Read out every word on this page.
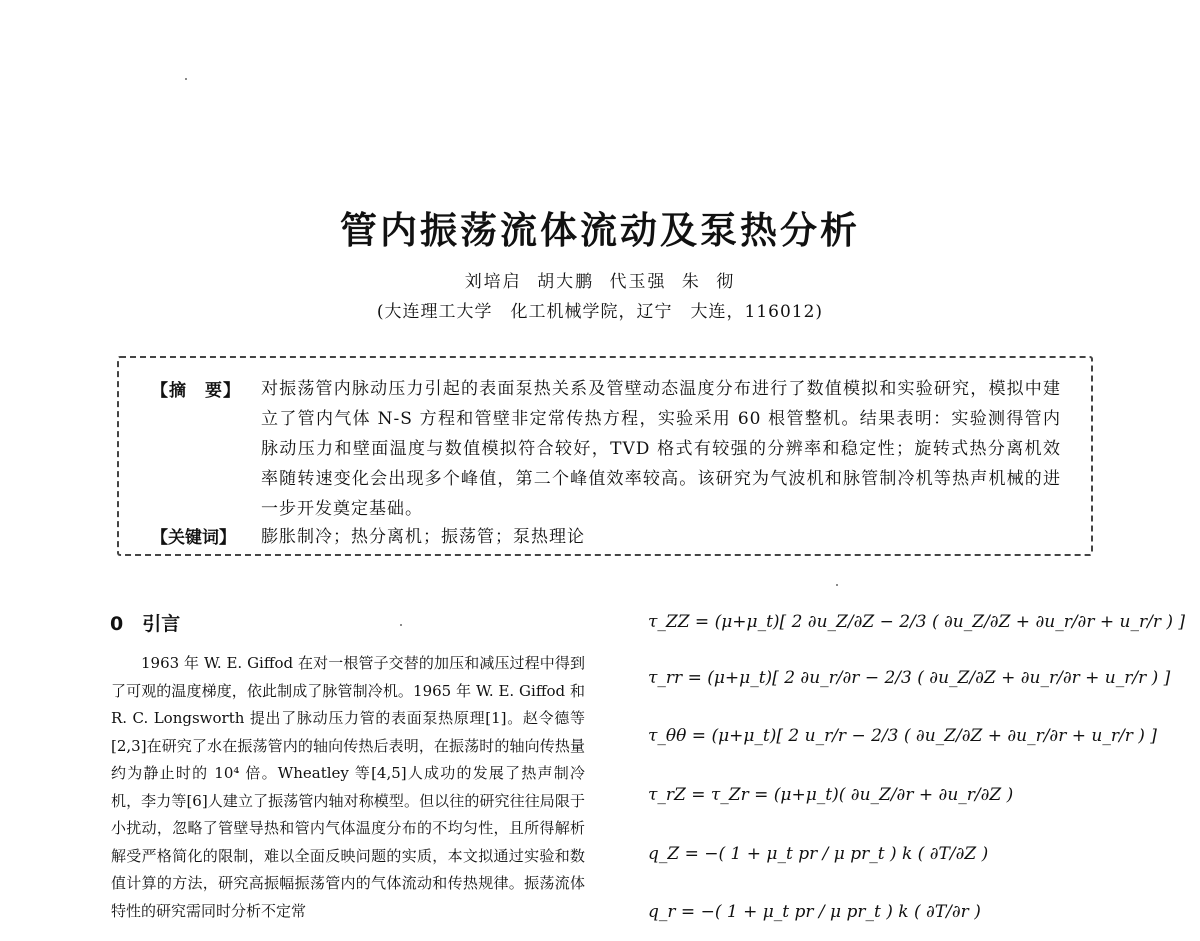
管内振荡流体流动及泵热分析
刘培启 胡大鹏 代玉强 朱 彻
(大连理工大学　化工机械学院，辽宁　大连，116012)
【摘　要】 对振荡管内脉动压力引起的表面泵热关系及管壁动态温度分布进行了数值模拟和实验研究，模拟中建立了管内气体 N-S 方程和管壁非定常传热方程，实验采用 60 根管整机。结果表明：实验测得管内脉动压力和壁面温度与数值模拟符合较好，TVD 格式有较强的分辨率和稳定性；旋转式热分离机效率随转速变化会出现多个峰值，第二个峰值效率较高。该研究为气波机和脉管制冷机等热声机械的进一步开发奠定基础。
【关键词】 膨胀制冷；热分离机；振荡管；泵热理论
0　引言
1963 年 W. E. Giffod 在对一根管子交替的加压和减压过程中得到了可观的温度梯度，依此制成了脉管制冷机。1965 年 W. E. Giffod 和 R. C. Longsworth 提出了脉动压力管的表面泵热原理[1]。赵令德等[2,3]在研究了水在振荡管内的轴向传热后表明，在振荡时的轴向传热量约为静止时的 10⁴ 倍。Wheatley 等[4,5]人成功的发展了热声制冷机，李力等[6]人建立了振荡管内轴对称模型。但以往的研究往往局限于小扰动，忽略了管壁导热和管内气体温度分布的不均匀性，且所得解析解受严格简化的限制，难以全面反映问题的实质，本文拟通过实验和数值计算的方法，研究高振幅振荡管内的气体流动和传热规律。振荡流体特性的研究需同时分析不定常
τ_ZZ = (μ+μ_t)[ 2 ∂u_Z/∂Z − 2/3 ( ∂u_Z/∂Z + ∂u_r/∂r + u_r/r ) ]
τ_rr = (μ+μ_t)[ 2 ∂u_r/∂r − 2/3 ( ∂u_Z/∂Z + ∂u_r/∂r + u_r/r ) ]
τ_θθ = (μ+μ_t)[ 2 u_r/r − 2/3 ( ∂u_Z/∂Z + ∂u_r/∂r + u_r/r ) ]
τ_rZ = τ_Zr = (μ+μ_t)( ∂u_Z/∂r + ∂u_r/∂Z )
q_Z = −( 1 + μ_t pr / μ pr_t ) k ( ∂T/∂Z )
q_r = −( 1 + μ_t pr / μ pr_t ) k ( ∂T/∂r )
